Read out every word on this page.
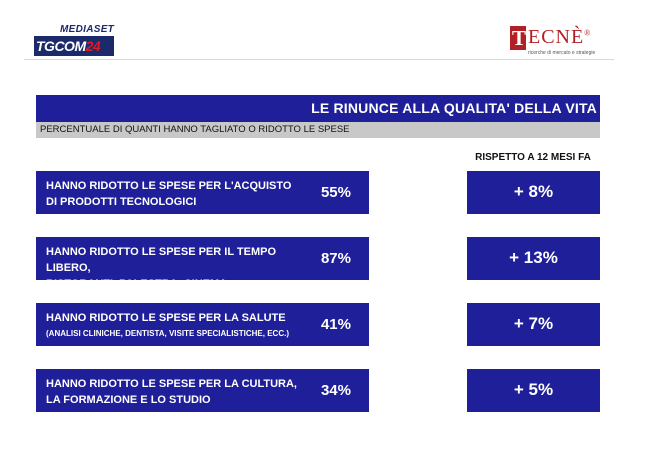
MEDIASET
TGCOM24	T ECNÈ®
ricerche di mercato e strategie
LE RINUNCE ALLA QUALITA' DELLA VITA
PERCENTUALE DI QUANTI HANNO TAGLIATO O RIDOTTO LE SPESE
RISPETTO A 12 MESI FA
HANNO RIDOTTO LE SPESE PER L'ACQUISTO
DI PRODOTTI TECNOLOGICI
55%	+ 8%
HANNO RIDOTTO LE SPESE PER IL TEMPO LIBERO,
RISTORANTI, PALESTRA, CINEMA
87%	+ 13%
HANNO RIDOTTO LE SPESE PER LA SALUTE
(ANALISI CLINICHE, DENTISTA, VISITE SPECIALISTICHE, ECC.)
41%	+ 7%
HANNO RIDOTTO LE SPESE PER LA CULTURA,
LA FORMAZIONE E LO STUDIO
34%	+ 5%
